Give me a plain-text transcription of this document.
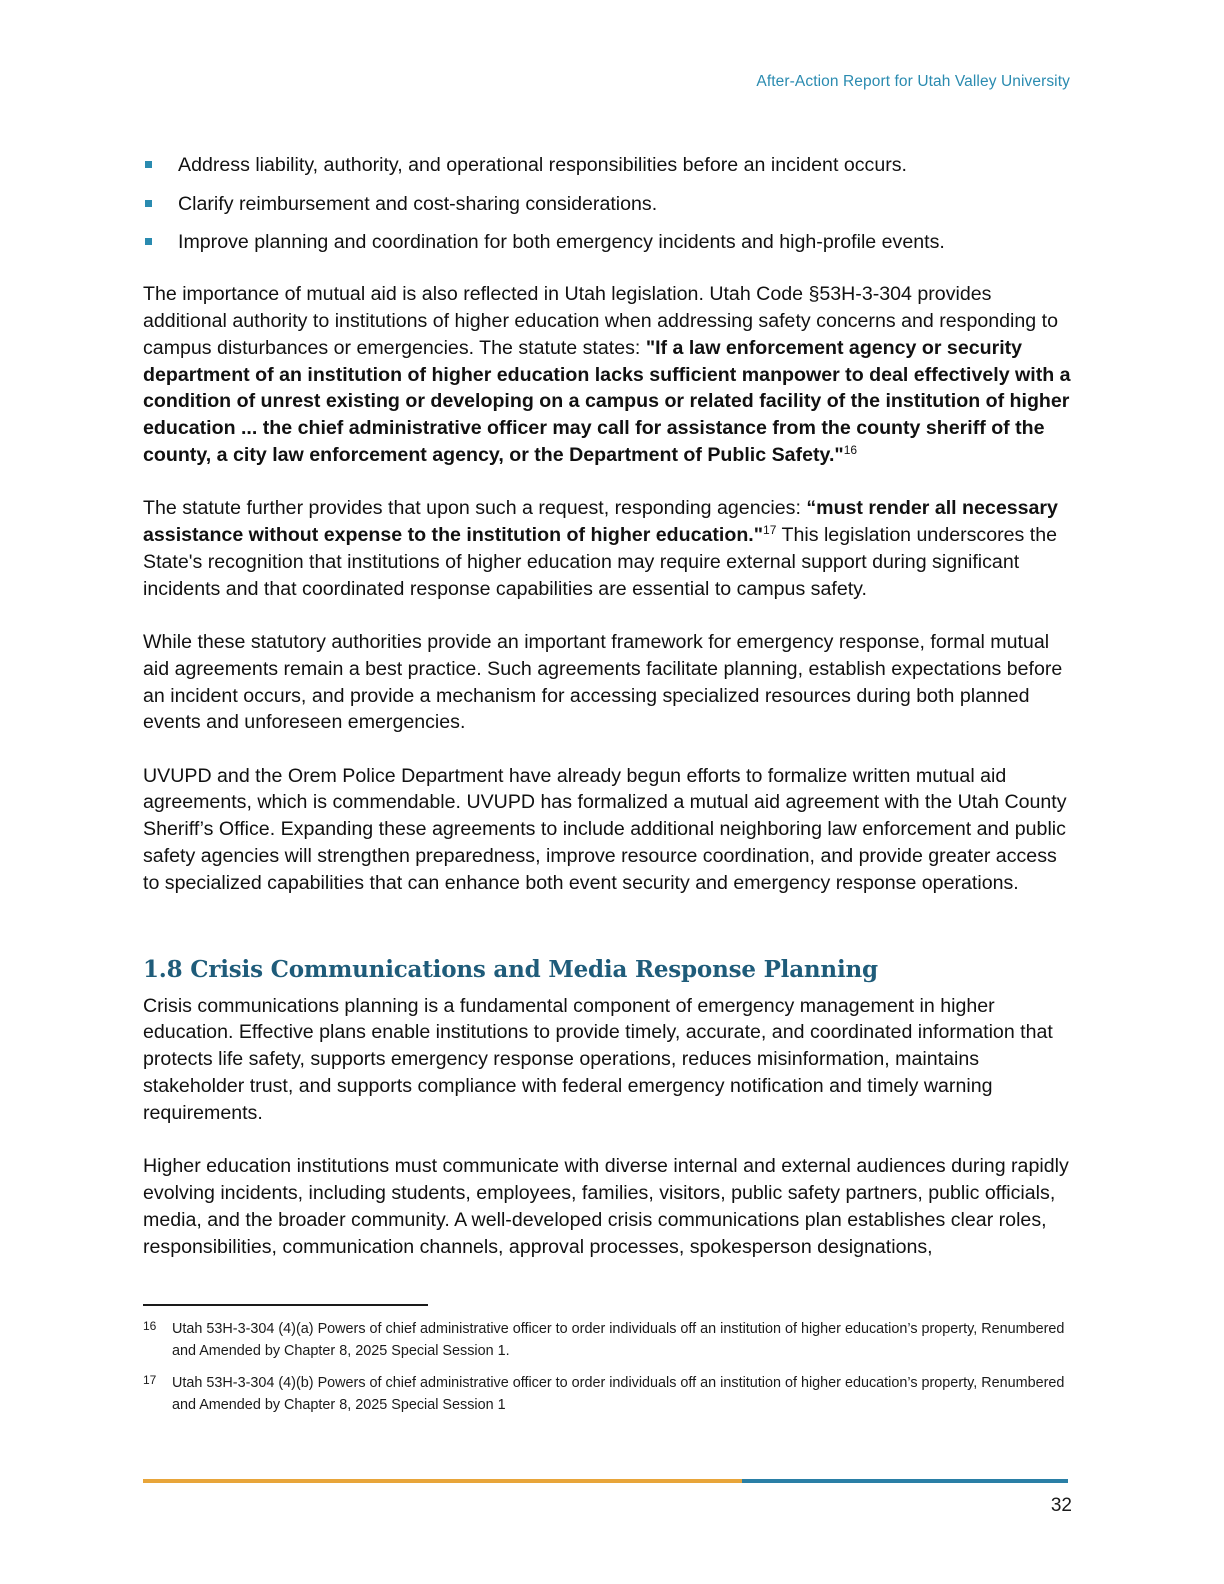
After-Action Report for Utah Valley University
Address liability, authority, and operational responsibilities before an incident occurs.
Clarify reimbursement and cost-sharing considerations.
Improve planning and coordination for both emergency incidents and high-profile events.

The importance of mutual aid is also reflected in Utah legislation. Utah Code §53H-3-304 provides additional authority to institutions of higher education when addressing safety concerns and responding to campus disturbances or emergencies. The statute states: "If a law enforcement agency or security department of an institution of higher education lacks sufficient manpower to deal effectively with a condition of unrest existing or developing on a campus or related facility of the institution of higher education ... the chief administrative officer may call for assistance from the county sheriff of the county, a city law enforcement agency, or the Department of Public Safety."$^{16}$

The statute further provides that upon such a request, responding agencies: “must render all necessary assistance without expense to the institution of higher education."$^{17}$ This legislation underscores the State's recognition that institutions of higher education may require external support during significant incidents and that coordinated response capabilities are essential to campus safety.

While these statutory authorities provide an important framework for emergency response, formal mutual aid agreements remain a best practice. Such agreements facilitate planning, establish expectations before an incident occurs, and provide a mechanism for accessing specialized resources during both planned events and unforeseen emergencies.

UVUPD and the Orem Police Department have already begun efforts to formalize written mutual aid agreements, which is commendable. UVUPD has formalized a mutual aid agreement with the Utah County Sheriff’s Office. Expanding these agreements to include additional neighboring law enforcement and public safety agencies will strengthen preparedness, improve resource coordination, and provide greater access to specialized capabilities that can enhance both event security and emergency response operations.

1.8 Crisis Communications and Media Response Planning

Crisis communications planning is a fundamental component of emergency management in higher education. Effective plans enable institutions to provide timely, accurate, and coordinated information that protects life safety, supports emergency response operations, reduces misinformation, maintains stakeholder trust, and supports compliance with federal emergency notification and timely warning requirements.

Higher education institutions must communicate with diverse internal and external audiences during rapidly evolving incidents, including students, employees, families, visitors, public safety partners, public officials, media, and the broader community. A well-developed crisis communications plan establishes clear roles, responsibilities, communication channels, approval processes, spokesperson designations,

16 Utah 53H-3-304 (4)(a) Powers of chief administrative officer to order individuals off an institution of higher education’s property, Renumbered and Amended by Chapter 8, 2025 Special Session 1.
17 Utah 53H-3-304 (4)(b) Powers of chief administrative officer to order individuals off an institution of higher education’s property, Renumbered and Amended by Chapter 8, 2025 Special Session 1
32
